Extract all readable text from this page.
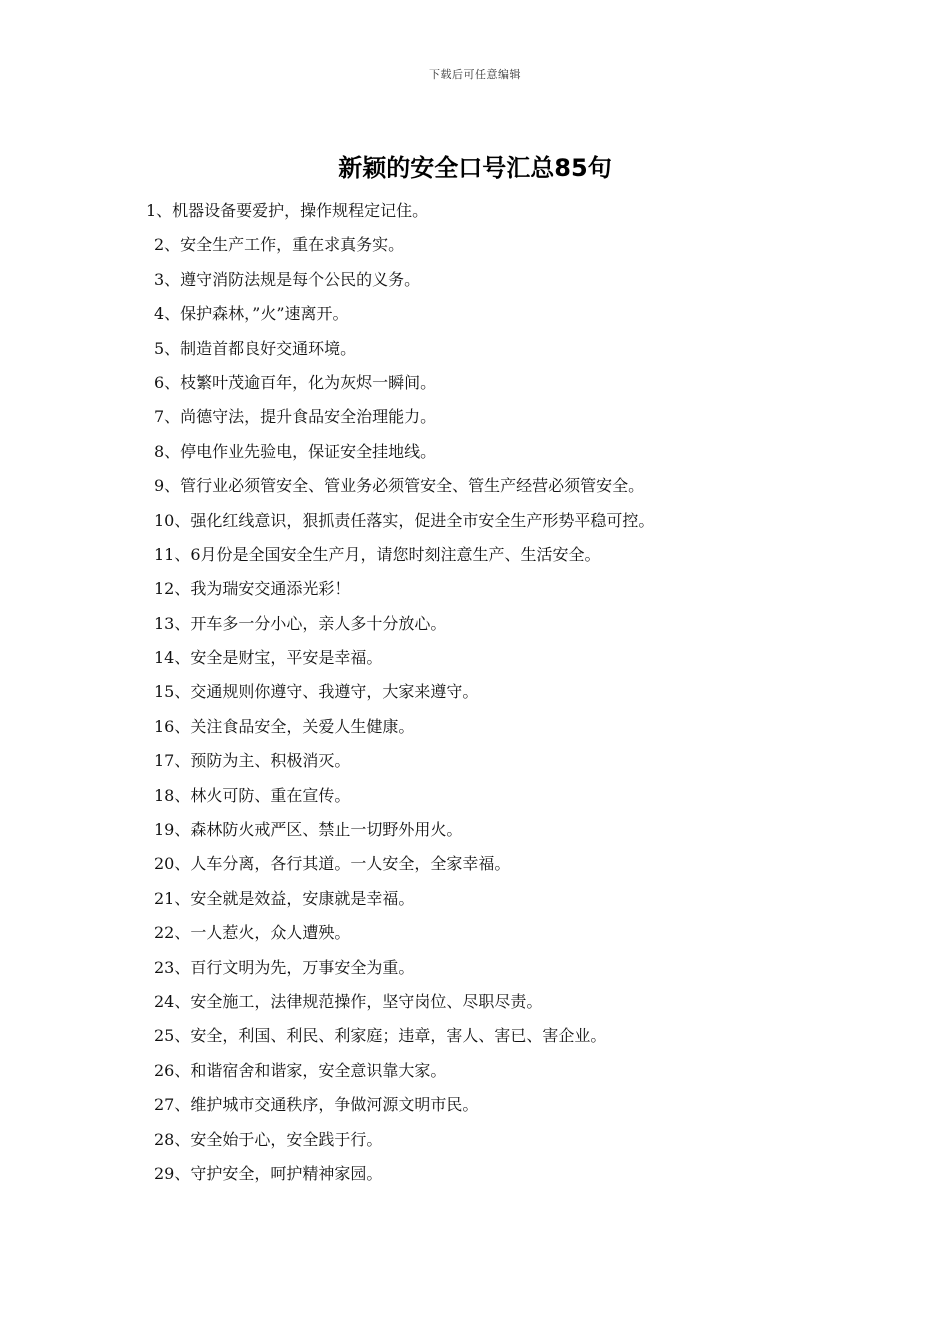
下载后可任意编辑
新颖的安全口号汇总85句
1、机器设备要爱护，操作规程定记住。
2、安全生产工作，重在求真务实。
3、遵守消防法规是每个公民的义务。
4、保护森林，”火”速离开。
5、制造首都良好交通环境。
6、枝繁叶茂逾百年，化为灰烬一瞬间。
7、尚德守法，提升食品安全治理能力。
8、停电作业先验电，保证安全挂地线。
9、管行业必须管安全、管业务必须管安全、管生产经营必须管安全。
10、强化红线意识，狠抓责任落实，促进全市安全生产形势平稳可控。
11、6月份是全国安全生产月，请您时刻注意生产、生活安全。
12、我为瑞安交通添光彩！
13、开车多一分小心，亲人多十分放心。
14、安全是财宝，平安是幸福。
15、交通规则你遵守、我遵守，大家来遵守。
16、关注食品安全，关爱人生健康。
17、预防为主、积极消灭。
18、林火可防、重在宣传。
19、森林防火戒严区、禁止一切野外用火。
20、人车分离，各行其道。一人安全，全家幸福。
21、安全就是效益，安康就是幸福。
22、一人惹火，众人遭殃。
23、百行文明为先，万事安全为重。
24、安全施工，法律规范操作，坚守岗位、尽职尽责。
25、安全，利国、利民、利家庭；违章，害人、害已、害企业。
26、和谐宿舍和谐家，安全意识靠大家。
27、维护城市交通秩序，争做河源文明市民。
28、安全始于心，安全践于行。
29、守护安全，呵护精神家园。
